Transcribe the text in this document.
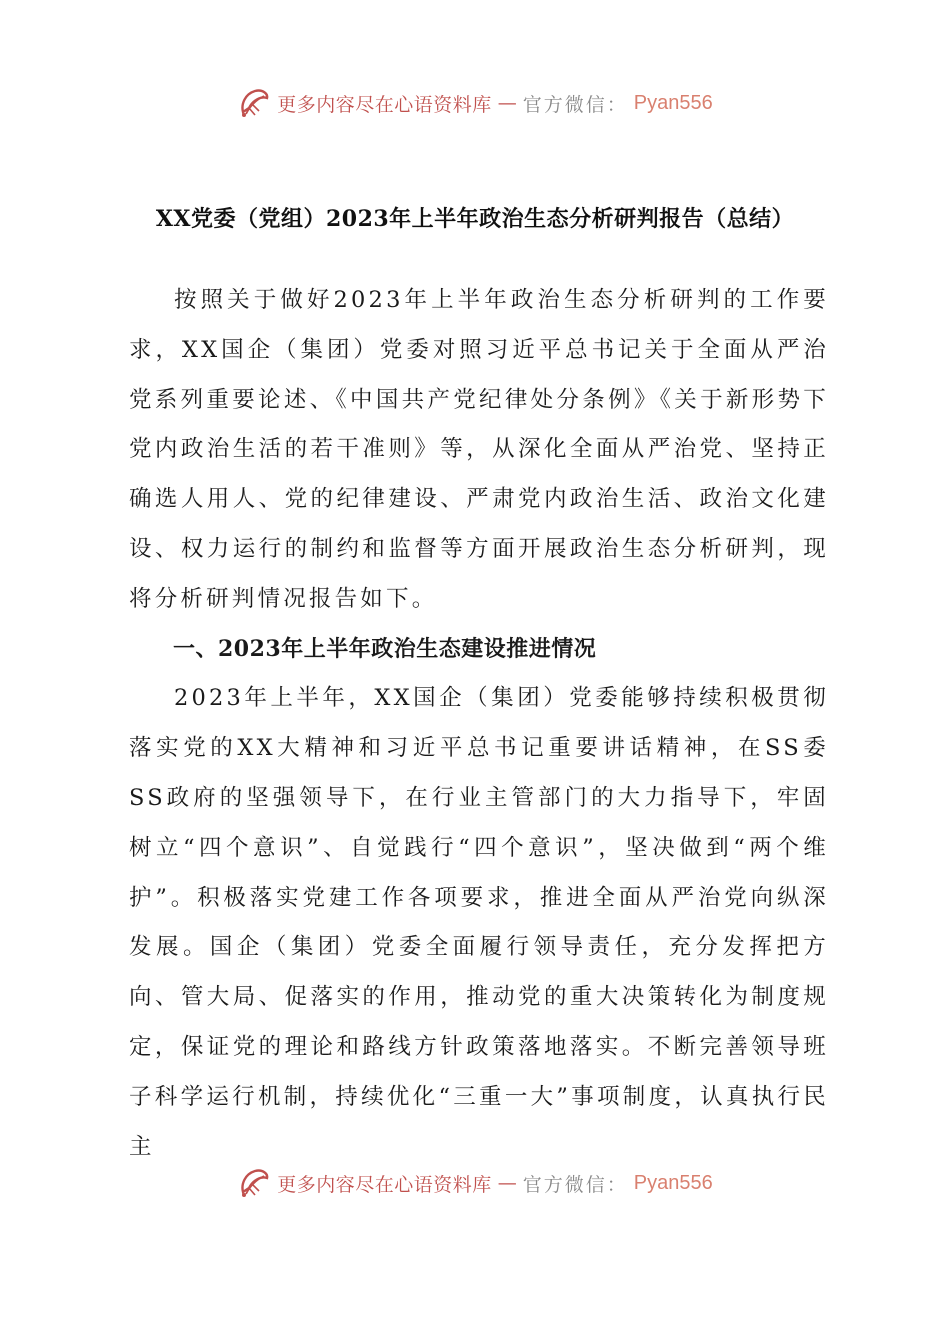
更多内容尽在心语资料库 — 官方微信： Pyan556
XX党委（党组）2023年上半年政治生态分析研判报告（总结）

按照关于做好2023年上半年政治生态分析研判的工作要求，XX国企（集团）党委对照习近平总书记关于全面从严治党系列重要论述、《中国共产党纪律处分条例》《关于新形势下党内政治生活的若干准则》等，从深化全面从严治党、坚持正确选人用人、党的纪律建设、严肃党内政治生活、政治文化建设、权力运行的制约和监督等方面开展政治生态分析研判，现将分析研判情况报告如下。

一、2023年上半年政治生态建设推进情况

2023年上半年，XX国企（集团）党委能够持续积极贯彻落实党的XX大精神和习近平总书记重要讲话精神，在SS委SS政府的坚强领导下，在行业主管部门的大力指导下，牢固树立“四个意识”、自觉践行“四个意识”，坚决做到“两个维护”。积极落实党建工作各项要求，推进全面从严治党向纵深发展。国企（集团）党委全面履行领导责任，充分发挥把方向、管大局、促落实的作用，推动党的重大决策转化为制度规定，保证党的理论和路线方针政策落地落实。不断完善领导班子科学运行机制，持续优化“三重一大”事项制度，认真执行民主

更多内容尽在心语资料库 — 官方微信： Pyan556
